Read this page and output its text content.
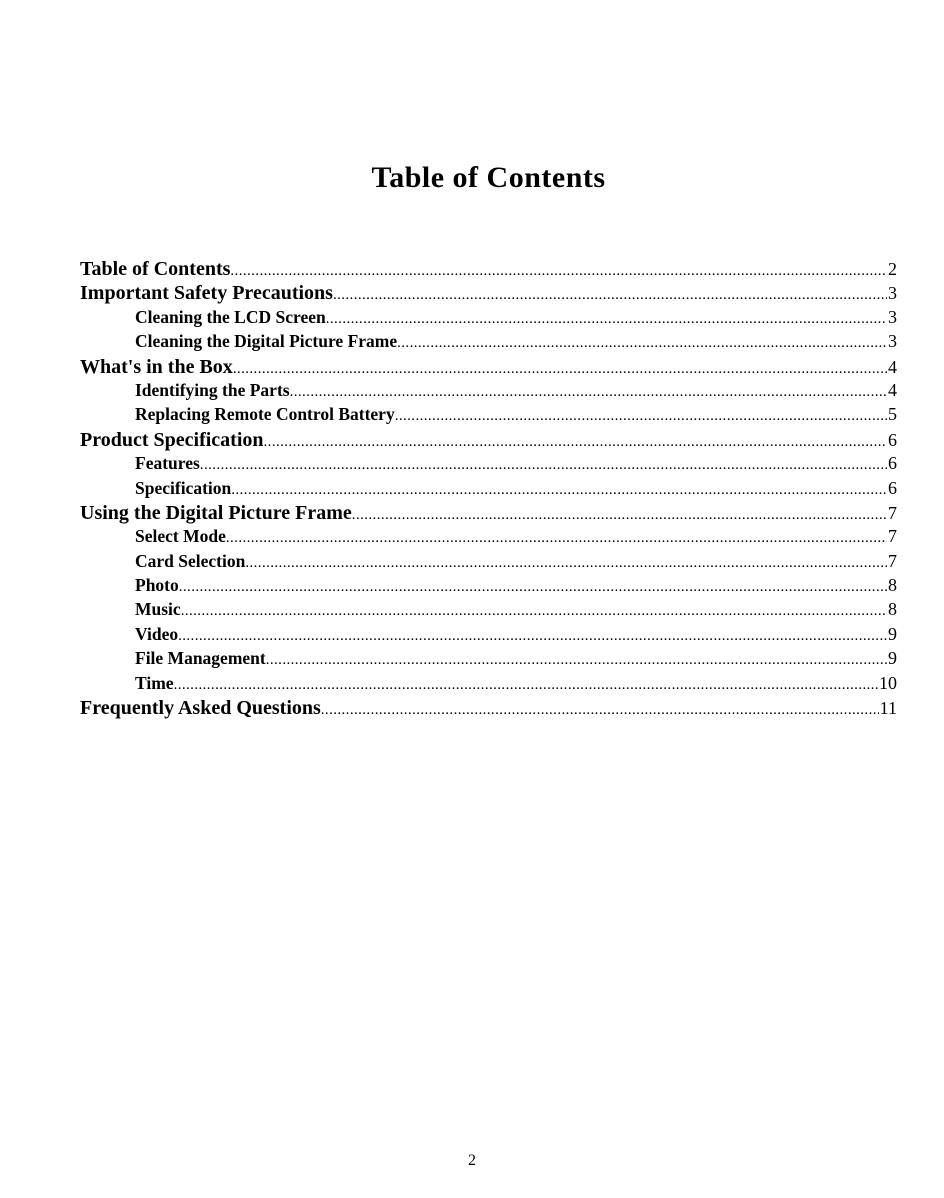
Table of Contents
Table of Contents .....	2
Important Safety Precautions .....	3
Cleaning the LCD Screen .....	3
Cleaning the Digital Picture Frame .....	3
What's in the Box .....	4
Identifying the Parts .....	4
Replacing Remote Control Battery .....	5
Product Specification .....	6
Features .....	6
Specification .....	6
Using the Digital Picture Frame .....	7
Select Mode .....	7
Card Selection .....	7
Photo .....	8
Music .....	8
Video .....	9
File Management .....	9
Time .....	10
Frequently Asked Questions .....	11
2
